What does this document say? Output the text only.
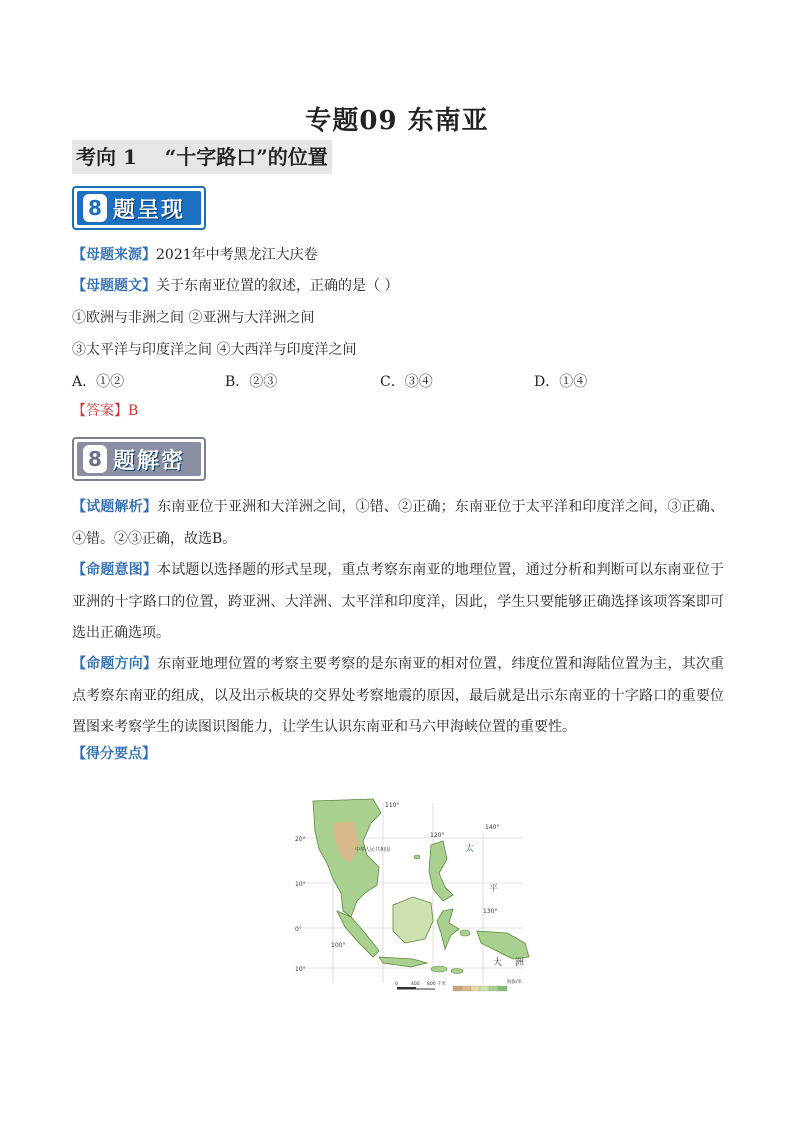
专题09 东南亚
考向 1    “十字路口”的位置
8 题呈现
【母题来源】2021年中考黑龙江大庆卷
【母题题文】关于东南亚位置的叙述，正确的是（ ）
①欧洲与非洲之间 ②亚洲与大洋洲之间
③太平洋与印度洋之间 ④大西洋与印度洋之间
A．①②	B．②③	C．③④	D．①④
【答案】B
8 题解密
【试题解析】东南亚位于亚洲和大洋洲之间，①错、②正确；东南亚位于太平洋和印度洋之间，③正确、④错。②③正确，故选B。
【命题意图】本试题以选择题的形式呈现，重点考察东南亚的地理位置，通过分析和判断可以东南亚位于亚洲的十字路口的位置，跨亚洲、大洋洲、太平洋和印度洋，因此，学生只要能够正确选择该项答案即可选出正确选项。
【命题方向】东南亚地理位置的考察主要考察的是东南亚的相对位置，纬度位置和海陆位置为主，其次重点考察东南亚的组成，以及出示板块的交界处考察地震的原因，最后就是出示东南亚的十字路口的重要位置图来考察学生的读图识图能力，让学生认识东南亚和马六甲海峡位置的重要性。
【得分要点】
110°
120°
130°
100°
140°
20°
10°
0°
10°
中华人民共和国	太
平
大 洲
0	400 800 千米	海拔/米
